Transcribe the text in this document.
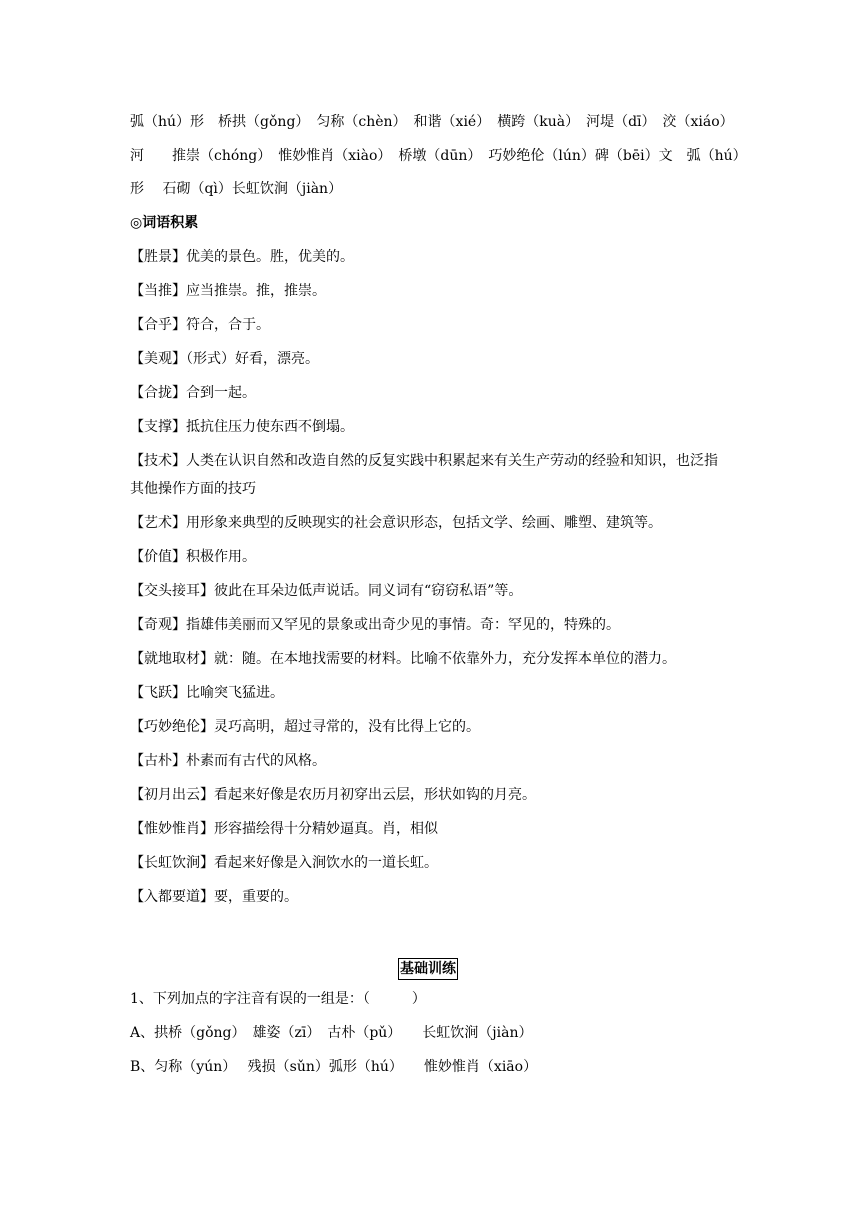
弧（hú）形　桥拱（gǒng）　匀称（chèn）　和谐（xié）　横跨（kuà）　河堤（dī）　洨（xiáo）
河　　推崇（chóng）　惟妙惟肖（xiào）　桥墩（dūn）　巧妙绝伦（lún）碑（bēi）文　弧（hú）
形　 石砌（qì）长虹饮涧（jiàn）
◎词语积累
【胜景】优美的景色。胜，优美的。
【当推】应当推崇。推，推崇。
【合乎】符合，合于。
【美观】（形式）好看，漂亮。
【合拢】合到一起。
【支撑】抵抗住压力使东西不倒塌。
【技术】人类在认识自然和改造自然的反复实践中积累起来有关生产劳动的经验和知识，也泛指其他操作方面的技巧
【艺术】用形象来典型的反映现实的社会意识形态，包括文学、绘画、雕塑、建筑等。
【价值】积极作用。
【交头接耳】彼此在耳朵边低声说话。同义词有“窃窃私语”等。
【奇观】指雄伟美丽而又罕见的景象或出奇少见的事情。奇：罕见的，特殊的。
【就地取材】就：随。在本地找需要的材料。比喻不依靠外力，充分发挥本单位的潜力。
【飞跃】比喻突飞猛进。
【巧妙绝伦】灵巧高明，超过寻常的，没有比得上它的。
【古朴】朴素而有古代的风格。
【初月出云】看起来好像是农历月初穿出云层，形状如钩的月亮。
【惟妙惟肖】形容描绘得十分精妙逼真。肖，相似
【长虹饮涧】看起来好像是入涧饮水的一道长虹。
【入都要道】要，重要的。
基础训练
1、下列加点的字注音有误的一组是：（　　　）
A、拱桥（gǒng）　雄姿（zī）　古朴（pǔ）　　长虹饮涧（jiàn）
B、匀称（yún）　 残损（sǔn）弧形（hú）　　惟妙惟肖（xiāo）
